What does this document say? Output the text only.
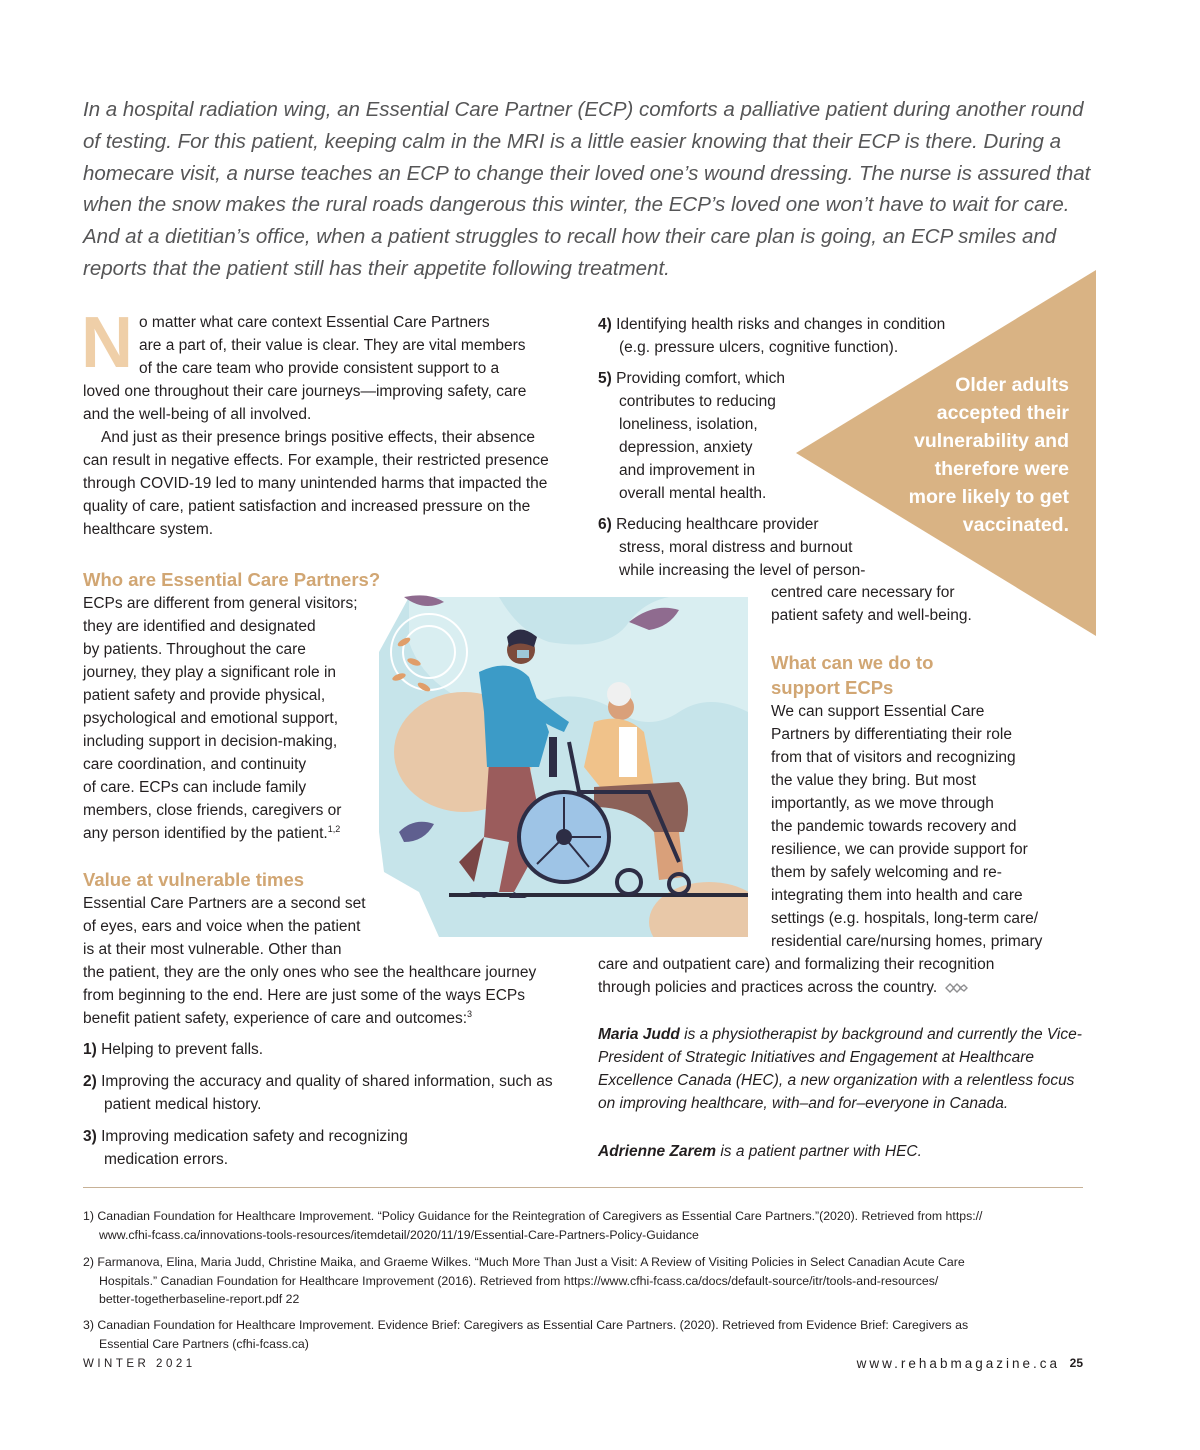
In a hospital radiation wing, an Essential Care Partner (ECP) comforts a palliative patient during another round of testing. For this patient, keeping calm in the MRI is a little easier knowing that their ECP is there. During a homecare visit, a nurse teaches an ECP to change their loved one’s wound dressing. The nurse is assured that when the snow makes the rural roads dangerous this winter, the ECP’s loved one won’t have to wait for care. And at a dietitian’s office, when a patient struggles to recall how their care plan is going, an ECP smiles and reports that the patient still has their appetite following treatment.

Older adults
accepted their
vulnerability and
therefore were
more likely to get
vaccinated.

N o matter what care context Essential Care Partners
are a part of, their value is clear. They are vital members
of the care team who provide consistent support to a
loved one throughout their care journeys—improving safety, care and the well-being of all involved.

And just as their presence brings positive effects, their absence can result in negative effects. For example, their restricted presence through COVID-19 led to many unintended harms that impacted the quality of care, patient satisfaction and increased pressure on the healthcare system.

Who are Essential Care Partners?

ECPs are different from general visitors;
they are identified and designated
by patients. Throughout the care
journey, they play a significant role in
patient safety and provide physical,
psychological and emotional support,
including support in decision-making,
care coordination, and continuity
of care. ECPs can include family
members, close friends, caregivers or
any person identified by the patient.$^{1,2}$

Value at vulnerable times

Essential Care Partners are a second set
of eyes, ears and voice when the patient
is at their most vulnerable. Other than

the patient, they are the only ones who see the healthcare journey from beginning to the end. Here are just some of the ways ECPs benefit patient safety, experience of care and outcomes:$^3$

1) Helping to prevent falls.

2) Improving the accuracy and quality of shared information, such as patient medical history.

3) Improving medication safety and recognizing medication errors.

4) Identifying health risks and changes in condition
(e.g. pressure ulcers, cognitive function).
5) Providing comfort, which
contributes to reducing
loneliness, isolation,
depression, anxiety
and improvement in
overall mental health.
6) Reducing healthcare provider
stress, moral distress and burnout
while increasing the level of person-
centred care necessary for
patient safety and well-being.
What can we do to
support ECPs
We can support Essential Care
Partners by differentiating their role
from that of visitors and recognizing
the value they bring. But most
importantly, as we move through
the pandemic towards recovery and
resilience, we can provide support for
them by safely welcoming and re-
integrating them into health and care
settings (e.g. hospitals, long-term care/
residential care/nursing homes, primary
care and outpatient care) and formalizing their recognition
through policies and practices across the country.

Maria Judd is a physiotherapist by background and currently the Vice-President of Strategic Initiatives and Engagement at Healthcare Excellence Canada (HEC), a new organization with a relentless focus on improving healthcare, with–and for–everyone in Canada.

Adrienne Zarem is a patient partner with HEC.

1) Canadian Foundation for Healthcare Improvement. “Policy Guidance for the Reintegration of Caregivers as Essential Care Partners.”(2020). Retrieved from https://
www.cfhi-fcass.ca/innovations-tools-resources/itemdetail/2020/11/19/Essential-Care-Partners-Policy-Guidance

2) Farmanova, Elina, Maria Judd, Christine Maika, and Graeme Wilkes. “Much More Than Just a Visit: A Review of Visiting Policies in Select Canadian Acute Care
Hospitals.” Canadian Foundation for Healthcare Improvement (2016). Retrieved from https://www.cfhi-fcass.ca/docs/default-source/itr/tools-and-resources/
better-togetherbaseline-report.pdf 22

3) Canadian Foundation for Healthcare Improvement. Evidence Brief: Caregivers as Essential Care Partners. (2020). Retrieved from Evidence Brief: Caregivers as
Essential Care Partners (cfhi-fcass.ca)

WINTER 2021	www.rehabmagazine.ca 25
